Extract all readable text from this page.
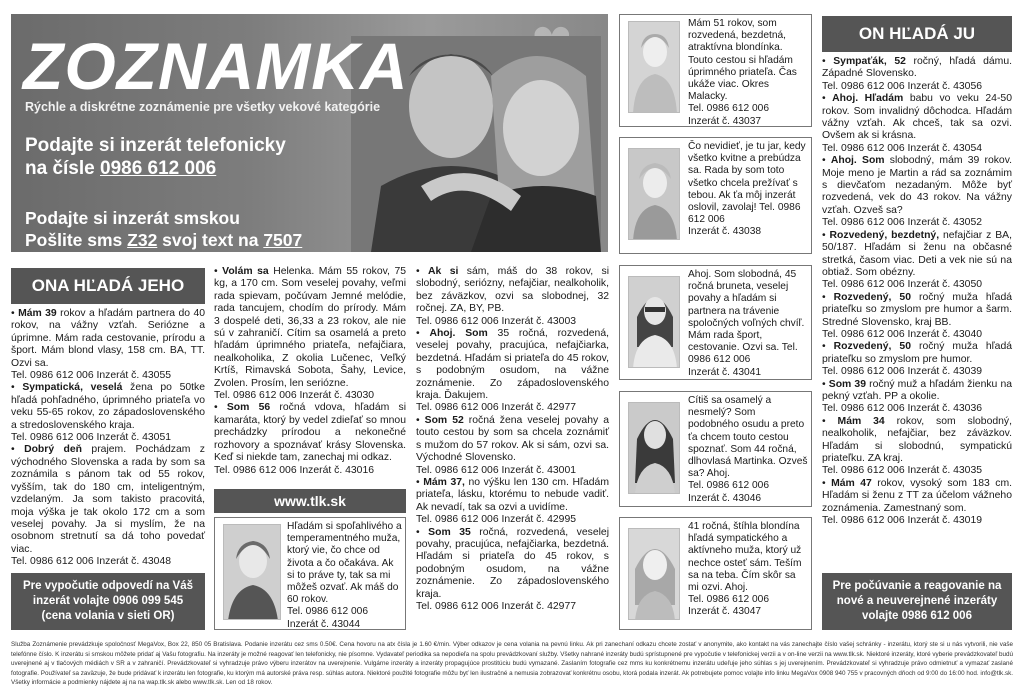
ZOZNAMKA
Rýchle a diskrétne zoznámenie pre všetky vekové kategórie
Podajte si inzerát telefonicky
na čísle 0986 612 006
Podajte si inzerát smskou
Pošlite sms Z32 svoj text na 7507
ONA HĽADÁ JEHO
ON HĽADÁ JU

• Mám 39 rokov a hľadám partnera do 40 rokov, na vážny vzťah. Seriózne a úprimne. Mám rada cestovanie, prírodu a šport. Mám blond vlasy, 158 cm. BA, TT. Ozvi sa.

Tel. 0986 612 006 Inzerát č. 43055

• Sympatická, veselá žena po 50tke hľadá pohľadného, úprimného priateľa vo veku 55-65 rokov, zo západoslovenského a stredoslovenského kraja.

Tel. 0986 612 006 Inzerát č. 43051

• Dobrý deň prajem. Pochádzam z východného Slovenska a rada by som sa zoznámila s pánom tak od 55 rokov, vyšším, tak do 180 cm, inteligentným, vzdelaným. Ja som takisto pracovitá, moja výška je tak okolo 172 cm a som veselej povahy. Ja si myslím, že na osobnom stretnutí sa dá toho povedať viac.

Tel. 0986 612 006 Inzerát č. 43048

• Volám sa Helenka. Mám 55 rokov, 75 kg, a 170 cm. Som veselej povahy, veľmi rada spievam, počúvam Jemné melódie, rada tancujem, chodím do prírody. Mám 3 dospelé deti, 36,33 a 23 rokov, ale nie sú v zahraničí. Cítim sa osamelá a preto hľadám úprimného priateľa, nefajčiara, nealkoholika, Z okolia Lučenec, Veľký Krtíš, Rimavská Sobota, Šahy, Levice, Zvolen. Prosím, len seriózne.

Tel. 0986 612 006 Inzerát č. 43030

• Som 56 ročná vdova, hľadám si kamaráta, ktorý by vedel zdieľať so mnou prechádzky prírodou a nekonečné rozhovory a spoznávať krásy Slovenska. Keď si niekde tam, zanechaj mi odkaz.

Tel. 0986 612 006 Inzerát č. 43016

www.tlk.sk
Hľadám si spoľahlivého a temperamentného muža, ktorý vie, čo chce od života a čo očakáva. Ak si to práve ty, tak sa mi môžeš ozvať. Ak máš do 60 rokov.
Tel. 0986 612 006
Inzerát č. 43044

• Ak si sám, máš do 38 rokov, si slobodný, seriózny, nefajčiar, nealkoholik, bez záväzkov, ozvi sa slobodnej, 32 ročnej. ZA, BY, PB.

Tel. 0986 612 006 Inzerát č. 43003

• Ahoj. Som 35 ročná, rozvedená, veselej povahy, pracujúca, nefajčiarka, bezdetná. Hľadám si priateľa do 45 rokov, s podobným osudom, na vážne zoznámenie. Zo západoslovenského kraja. Ďakujem.

Tel. 0986 612 006 Inzerát č. 42977

• Som 52 ročná žena veselej povahy a touto cestou by som sa chcela zoznámiť s mužom do 57 rokov. Ak si sám, ozvi sa. Východné Slovensko.

Tel. 0986 612 006 Inzerát č. 43001

• Mám 37, no výšku len 130 cm. Hľadám priateľa, lásku, ktorému to nebude vadiť. Ak nevadí, tak sa ozvi a uvidíme.

Tel. 0986 612 006 Inzerát č. 42995

• Som 35 ročná, rozvedená, veselej povahy, pracujúca, nefajčiarka, bezdetná. Hľadám si priateľa do 45 rokov, s podobným osudom, na vážne zoznámenie. Zo západoslovenského kraja.

Tel. 0986 612 006 Inzerát č. 42977

Mám 51 rokov, som rozvedená, bezdetná, atraktívna blondínka. Touto cestou si hľadám úprimného priateľa. Čas ukáže viac. Okres Malacky.
Tel. 0986 612 006
Inzerát č. 43037
Čo nevidieť, je tu jar, kedy všetko kvitne a prebúdza sa. Rada by som toto všetko chcela prežívať s tebou. Ak ťa môj inzerát oslovil, zavolaj! Tel. 0986 612 006
Inzerát č. 43038
Ahoj. Som slobodná, 45 ročná bruneta, veselej povahy a hľadám si partnera na trávenie spoločných voľných chvíľ. Mám rada šport, cestovanie. Ozvi sa. Tel. 0986 612 006
Inzerát č. 43041
Cítiš sa osamelý a nesmelý? Som podobného osudu a preto ťa chcem touto cestou spoznať. Som 44 ročná, dlhovlasá Martinka. Ozveš sa? Ahoj.
Tel. 0986 612 006
Inzerát č. 43046
41 ročná, štíhla blondína hľadá sympatického a aktívneho muža, ktorý už nechce osteť sám. Teším sa na teba. Čím skôr sa mi ozvi. Ahoj.
Tel. 0986 612 006
Inzerát č. 43047

• Sympaťák, 52 ročný, hľadá dámu. Západné Slovensko.

Tel. 0986 612 006 Inzerát č. 43056

• Ahoj. Hľadám babu vo veku 24-50 rokov. Som invalidný dôchodca. Hľadám vážny vzťah. Ak chceš, tak sa ozvi. Ovšem ak si krásna.

Tel. 0986 612 006 Inzerát č. 43054

• Ahoj. Som slobodný, mám 39 rokov. Moje meno je Martin a rád sa zoznámim s dievčaťom nezadaným. Môže byť rozvedená, vek do 43 rokov. Na vážny vzťah. Ozveš sa?

Tel. 0986 612 006 Inzerát č. 43052

• Rozvedený, bezdetný, nefajčiar z BA, 50/187. Hľadám si ženu na občasné stretká, časom viac. Deti a vek nie sú na obtiaž. Som obézny.

Tel. 0986 612 006 Inzerát č. 43050

• Rozvedený, 50 ročný muža hľadá priateľku so zmyslom pre humor a šarm. Stredné Slovensko, kraj BB.

Tel. 0986 612 006 Inzerát č. 43040

• Rozvedený, 50 ročný muža hľadá priateľku so zmyslom pre humor.

Tel. 0986 612 006 Inzerát č. 43039

• Som 39 ročný muž a hľadám žienku na pekný vzťah. PP a okolie.

Tel. 0986 612 006 Inzerát č. 43036

• Mám 34 rokov, som slobodný, nealkoholik, nefajčiar, bez záväzkov. Hľadám si slobodnú, sympatickú priateľku. ZA kraj.

Tel. 0986 612 006 Inzerát č. 43035

• Mám 47 rokov, vysoký som 183 cm. Hľadám si ženu z TT za účelom vážneho zoznámenia. Zamestnaný som.

Tel. 0986 612 006 Inzerát č. 43019

Pre vypočutie odpovedí na Váš
inzerát volajte 0906 099 545
(cena volania v sieti OR)
Pre počúvanie a reagovanie na
nové a neuverejnené inzeráty
volajte 0986 612 006
Služba Zoznámenie prevádzkuje spoločnosť MegaVox, Box 22, 850 05 Bratislava. Podanie inzerátu cez sms 0.50€. Cena hovoru na atx čísla je 1.60 €/min. Výber odkazov je cena volania na pevnú linku. Ak pri zanechaní odkazu chcete zostať v anonymite, ako kontakt na vás zanechajte číslo vašej schránky - inzerátu, ktorý ste si u nás vytvorili, nie vaše telefónne číslo. K inzerátu si smskou môžete pridať aj Vašu fotografiu. Na inzeráty je možné reagovať len telefonicky, nie písomne. Vydavateľ periodika sa nepodieľa na spolu prevádzkovaní služby. Všetky nahrané inzeráty budú sprístupnené pre vypočutie v telefonickej verzii a v on-line verzii na www.tlk.sk. Niektoré inzeráty, ktoré vyberie prevádzkovateľ budú uverejnené aj v tlačových médiách v SR a v zahraničí. Prevádzkovateľ si vyhradzuje právo výberu inzerátov na uverejnenie. Vulgárne inzeráty a inzeráty propagujúce prostitúciu budú vymazané. Zaslaním fotografie cez mms ku konkrétnemu inzerátu udeľuje jeho súhlas s jej uverejnením. Prevádzkovateľ si vyhradzuje právo odmietnuť a vymazať zaslané fotografie. Používateľ sa zaväzuje, že bude pridávať k inzerátu len fotografie, ku ktorým má autorské práva resp. súhlas autora. Niektoré použité fotografie môžu byť len ilustračné a nemusia zobrazovať konkrétnu osobu, ktorá podala inzerát. Ak potrebujete pomoc volajte info linku MegaVox 0908 940 755 v pracovných dňoch od 9:00 do 16:00 hod. info@tlk.sk. Všetky informácie a podmienky nájdete aj na na wap.tlk.sk alebo www.tlk.sk. Len od 18 rokov.
